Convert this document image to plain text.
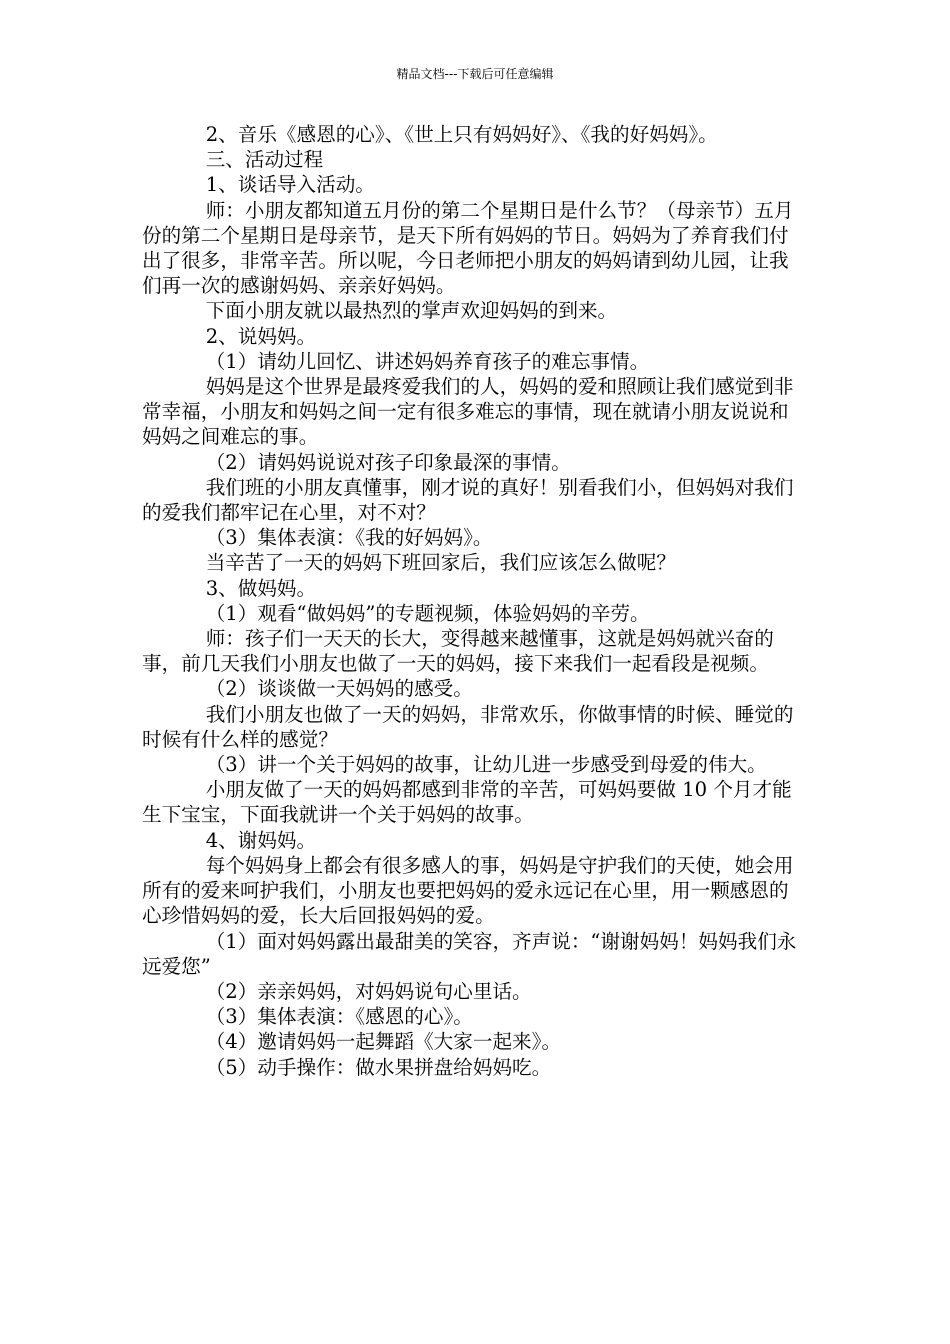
精品文档---下载后可任意编辑

2、音乐《感恩的心》、《世上只有妈妈好》、《我的好妈妈》。

三、活动过程

1、谈话导入活动。

师：小朋友都知道五月份的第二个星期日是什么节？（母亲节）五月份的第二个星期日是母亲节，是天下所有妈妈的节日。妈妈为了养育我们付出了很多，非常辛苦。所以呢，今日老师把小朋友的妈妈请到幼儿园，让我们再一次的感谢妈妈、亲亲好妈妈。

下面小朋友就以最热烈的掌声欢迎妈妈的到来。

2、说妈妈。

（1）请幼儿回忆、讲述妈妈养育孩子的难忘事情。

妈妈是这个世界是最疼爱我们的人，妈妈的爱和照顾让我们感觉到非常幸福，小朋友和妈妈之间一定有很多难忘的事情，现在就请小朋友说说和妈妈之间难忘的事。

（2）请妈妈说说对孩子印象最深的事情。

我们班的小朋友真懂事，刚才说的真好！别看我们小，但妈妈对我们的爱我们都牢记在心里，对不对？

（3）集体表演：《我的好妈妈》。

当辛苦了一天的妈妈下班回家后，我们应该怎么做呢？

3、做妈妈。

（1）观看“做妈妈”的专题视频，体验妈妈的辛劳。

师：孩子们一天天的长大，变得越来越懂事，这就是妈妈就兴奋的事，前几天我们小朋友也做了一天的妈妈，接下来我们一起看段是视频。

（2）谈谈做一天妈妈的感受。

我们小朋友也做了一天的妈妈，非常欢乐，你做事情的时候、睡觉的时候有什么样的感觉？

（3）讲一个关于妈妈的故事，让幼儿进一步感受到母爱的伟大。

小朋友做了一天的妈妈都感到非常的辛苦，可妈妈要做 10 个月才能生下宝宝，下面我就讲一个关于妈妈的故事。

4、谢妈妈。

每个妈妈身上都会有很多感人的事，妈妈是守护我们的天使，她会用所有的爱来呵护我们，小朋友也要把妈妈的爱永远记在心里，用一颗感恩的心珍惜妈妈的爱，长大后回报妈妈的爱。

（1）面对妈妈露出最甜美的笑容，齐声说：“谢谢妈妈！妈妈我们永远爱您”

（2）亲亲妈妈，对妈妈说句心里话。

（3）集体表演：《感恩的心》。

（4）邀请妈妈一起舞蹈《大家一起来》。

（5）动手操作：做水果拼盘给妈妈吃。
